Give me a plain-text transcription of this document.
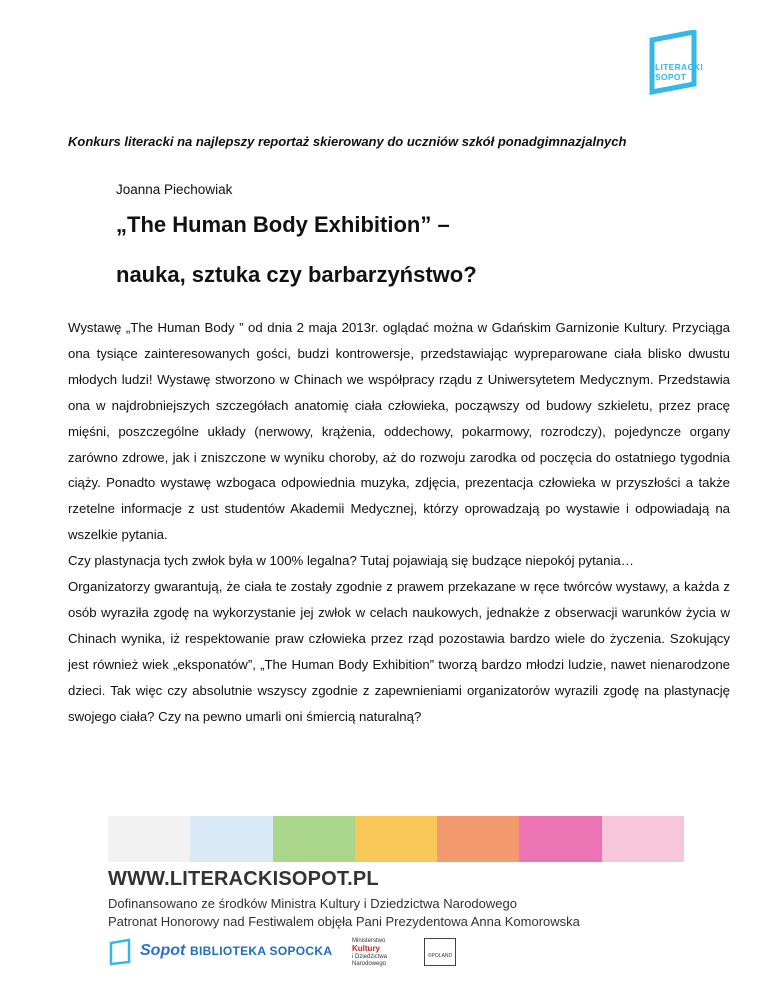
LITERACKI
SOPOT
Konkurs literacki na najlepszy reportaż skierowany do uczniów szkół ponadgimnazjalnych
Joanna Piechowiak
„The Human Body Exhibition” –
nauka, sztuka czy barbarzyństwo?

Wystawę „The Human Body ” od dnia 2 maja 2013r. oglądać można w Gdańskim Garnizonie Kultury. Przyciąga ona tysiące zainteresowanych gości, budzi kontrowersje, przedstawiając wypreparowane ciała blisko dwustu młodych ludzi! Wystawę stworzono w Chinach we współpracy rządu z Uniwersytetem Medycznym. Przedstawia ona w najdrobniejszych szczegółach anatomię ciała człowieka, począwszy od budowy szkieletu, przez pracę mięśni, poszczególne układy (nerwowy, krążenia, oddechowy, pokarmowy, rozrodczy), pojedyncze organy zarówno zdrowe, jak i zniszczone w wyniku choroby, aż do rozwoju zarodka od poczęcia do ostatniego tygodnia ciąży. Ponadto wystawę wzbogaca odpowiednia muzyka, zdjęcia, prezentacja człowieka w przyszłości a także rzetelne informacje z ust studentów Akademii Medycznej, którzy oprowadzają po wystawie i odpowiadają na wszelkie pytania.

Czy plastynacja tych zwłok była w 100% legalna? Tutaj pojawiają się budzące niepokój pytania…

Organizatorzy gwarantują, że ciała te zostały zgodnie z prawem przekazane w ręce twórców wystawy, a każda z osób wyraziła zgodę na wykorzystanie jej zwłok w celach naukowych, jednakże z obserwacji warunków życia w Chinach wynika, iż respektowanie praw człowieka przez rząd pozostawia bardzo wiele do życzenia. Szokujący jest również wiek „eksponatów”, „The Human Body Exhibition” tworzą bardzo młodzi ludzie, nawet nienarodzone dzieci. Tak więc czy absolutnie wszyscy zgodnie z zapewnieniami organizatorów wyrazili zgodę na plastynację swojego ciała? Czy na pewno umarli oni śmiercią naturalną?

WWW.LITERACKISOPOT.PL
Dofinansowano ze środków Ministra Kultury i Dziedzictwa Narodowego
Patronat Honorowy nad Festiwalem objęła Pani Prezydentowa Anna Komorowska
Sopot BIBLIOTEKA SOPOCKA
Ministerstwo
Kultury
i Dziedzictwa
Narodowego
©POLAND
